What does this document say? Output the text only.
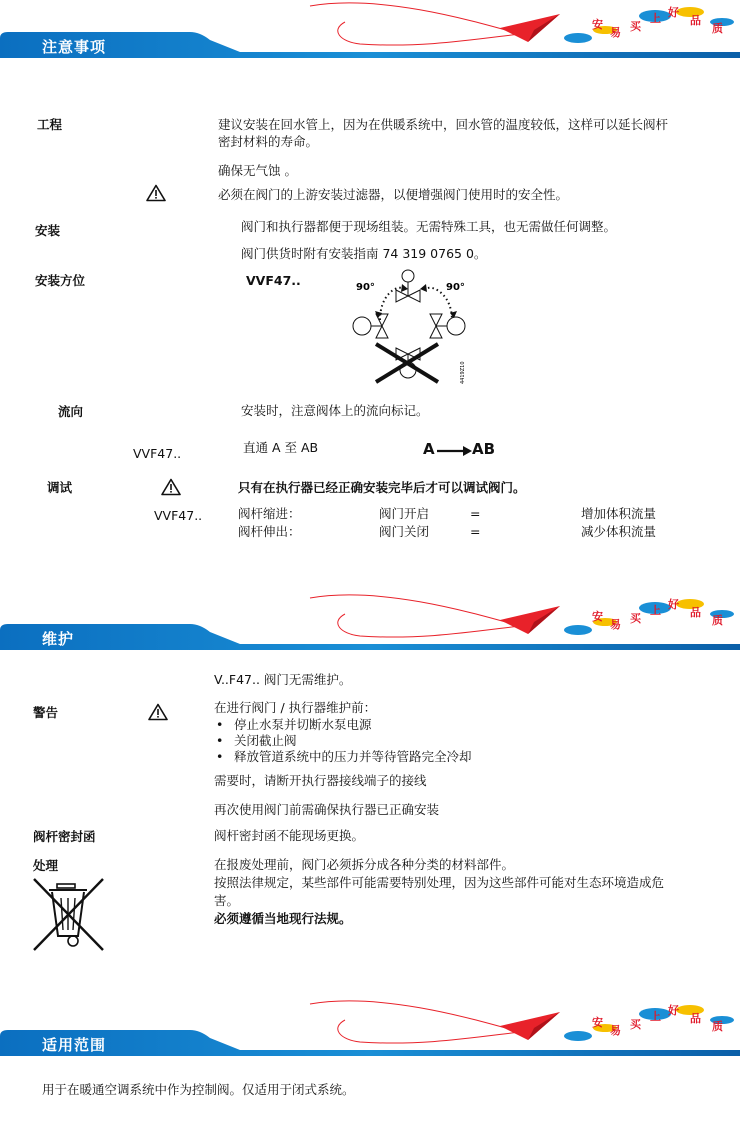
安
易 买
上 好
品
质
注意事项
工程	建议安装在回水管上，因为在供暖系统中，回水管的温度较低，这样可以延长阀杆
密封材料的寿命。
确保无气蚀 。
必须在阀门的上游安装过滤器，以便增强阀门使用时的安全性。
安装	阀门和执行器都便于现场组装。无需特殊工具，也无需做任何调整。
阀门供货时附有安装指南 74 319 0765 0。
安装方位	VVF47..	90°	90°
4419Z10
流向	安装时，注意阀体上的流向标记。
VVF47..	直通 A 至 AB	A AB
调试	只有在执行器已经正确安装完毕后才可以调试阀门。
VVF47..	阀杆缩进：	阀门开启	=	增加体积流量
阀杆伸出：	阀门关闭	=	减少体积流量
安
易 买
上 好
品
质
维护
V..F47.. 阀门无需维护。
警告	在进行阀门 / 执行器维护前：
• 停止水泵并切断水泵电源
• 关闭截止阀
• 释放管道系统中的压力并等待管路完全冷却
需要时，请断开执行器接线端子的接线
再次使用阀门前需确保执行器已正确安装
阀杆密封函	阀杆密封函不能现场更换。
处理	在报废处理前，阀门必须拆分成各种分类的材料部件。
按照法律规定，某些部件可能需要特别处理，因为这些部件可能对生态环境造成危
害。
必须遵循当地现行法规。
安
易 买
上 好
品
质
适用范围
用于在暖通空调系统中作为控制阀。仅适用于闭式系统。
